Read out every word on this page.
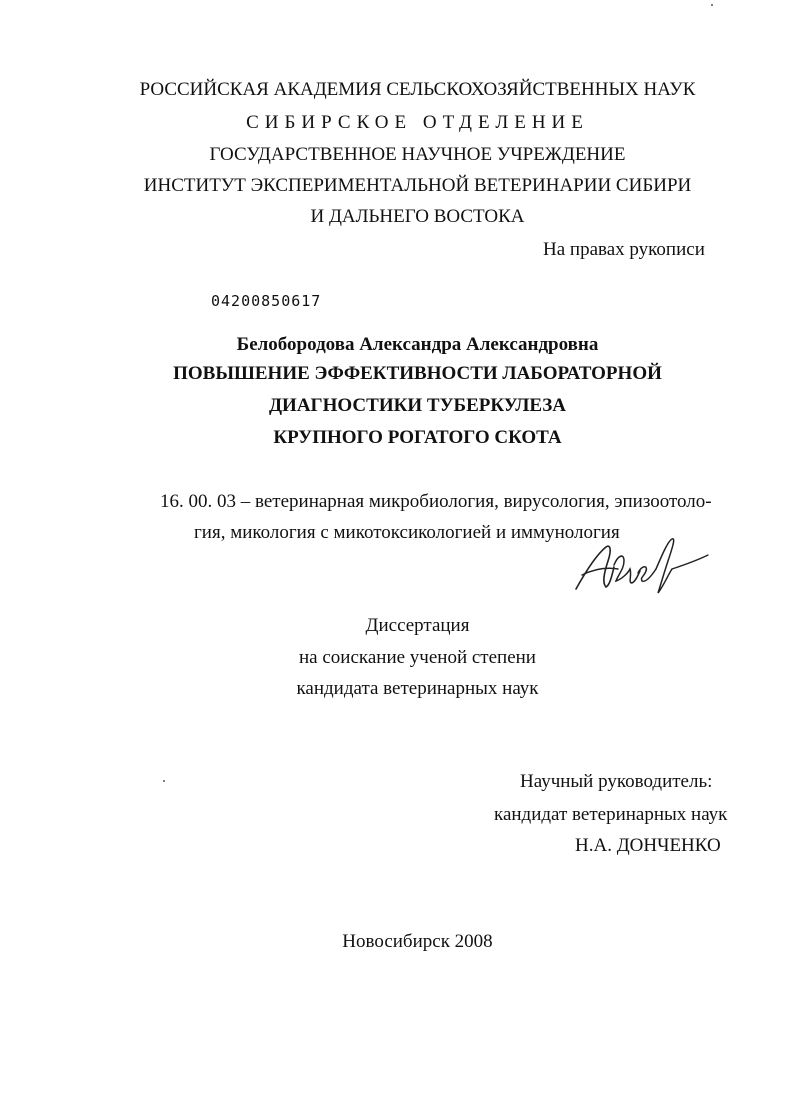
РОССИЙСКАЯ АКАДЕМИЯ СЕЛЬСКОХОЗЯЙСТВЕННЫХ НАУК
СИБИРСКОЕ ОТДЕЛЕНИЕ
ГОСУДАРСТВЕННОЕ НАУЧНОЕ УЧРЕЖДЕНИЕ
ИНСТИТУТ ЭКСПЕРИМЕНТАЛЬНОЙ ВЕТЕРИНАРИИ СИБИРИ
И ДАЛЬНЕГО ВОСТОКА
На правах рукописи
04200850617
Белобородова Александра Александровна
ПОВЫШЕНИЕ ЭФФЕКТИВНОСТИ ЛАБОРАТОРНОЙ
ДИАГНОСТИКИ ТУБЕРКУЛЕЗА
КРУПНОГО РОГАТОГО СКОТА
16. 00. 03 – ветеринарная микробиология, вирусология, эпизоотоло-
гия, микология с микотоксикологией и иммунология
Диссертация
на соискание ученой степени
кандидата ветеринарных наук
Научный руководитель:
кандидат ветеринарных наук
Н.А. ДОНЧЕНКО
Новосибирск 2008
